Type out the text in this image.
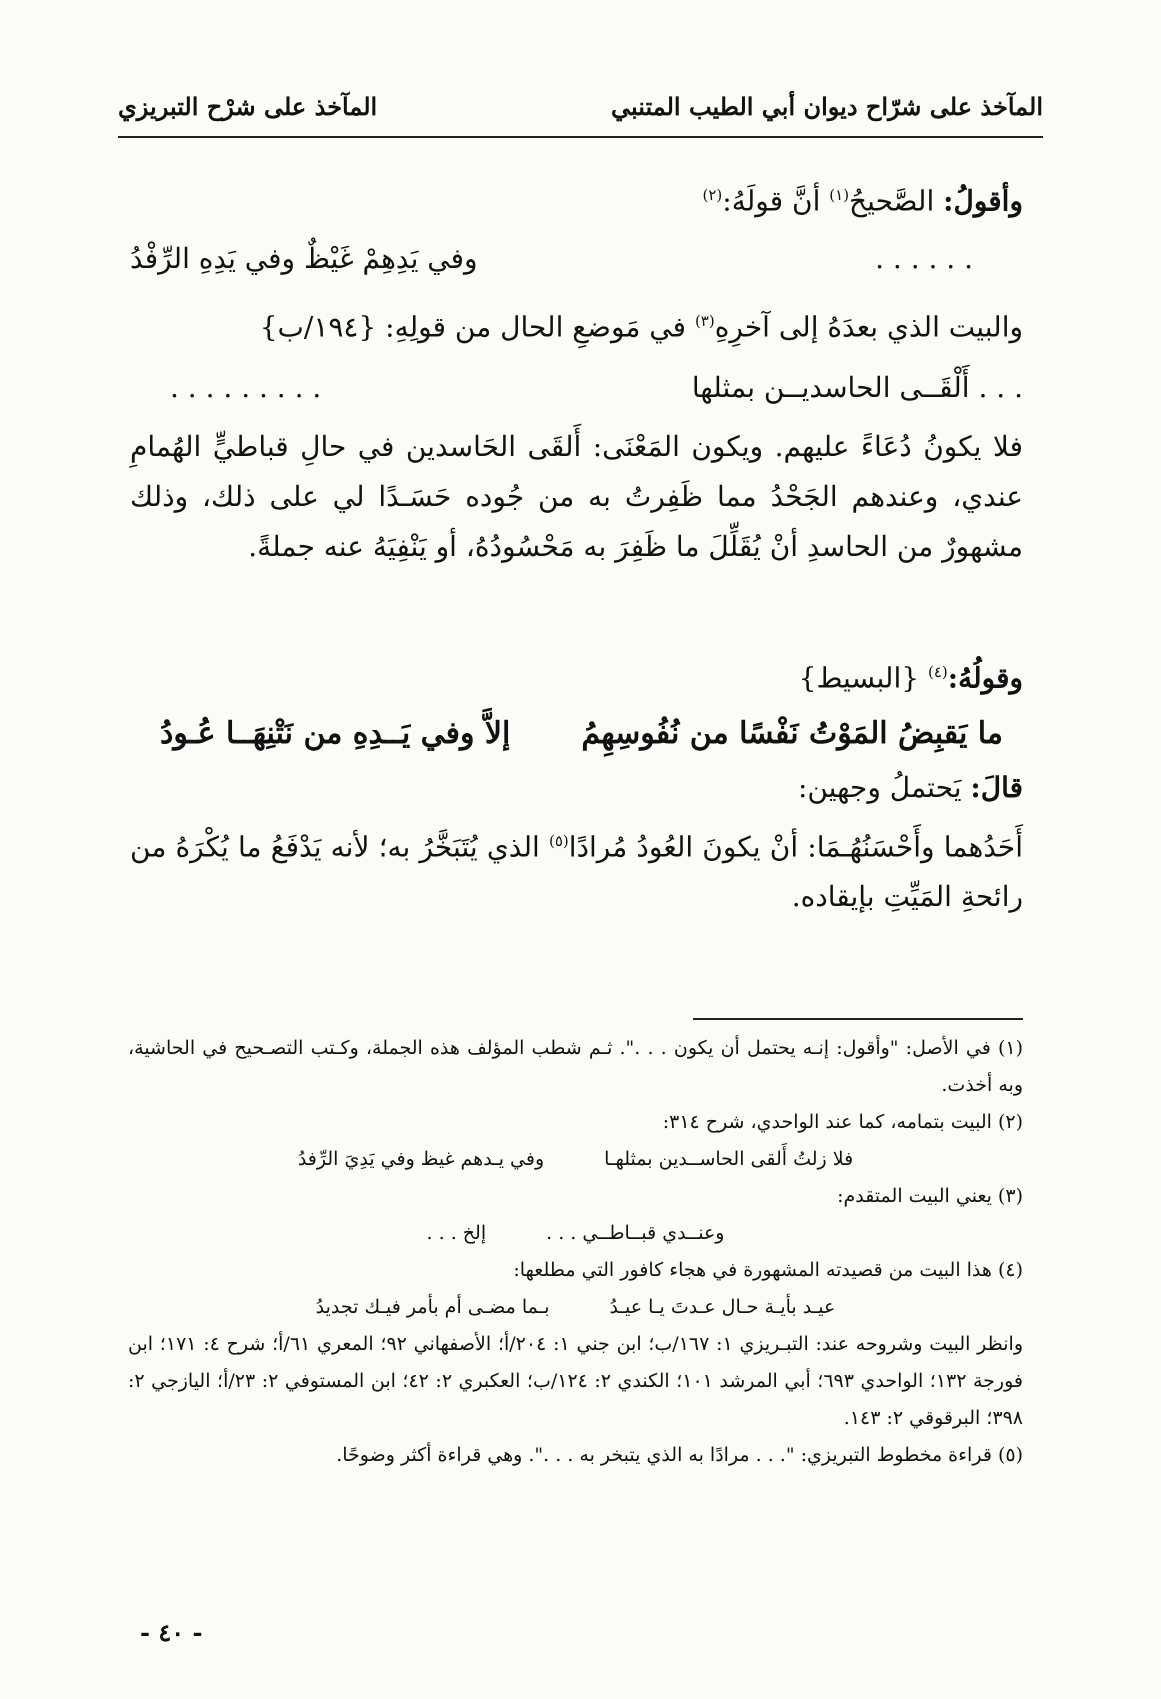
المآخذ على شرّاح ديوان أبي الطيب المتنبي
المآخذ على شرْح التبريزي

وأقولُ: الصَّحيحُ$^{(١)}$ أنَّ قولَهُ:$^{(٢)}$

. . . . . .
وفي يَدِهِمْ غَيْظٌ وفي يَدِهِ الرِّفْدُ

والبيت الذي بعدَهُ إلى آخرِهِ$^{(٣)}$ في مَوضعِ الحال من قولِهِ: {١٩٤/ب}

. . . أَلْقَــى الحاسديــن بمثلها
. . . . . . . . .

فلا يكونُ دُعَاءً عليهم. ويكون المَعْنَى: أَلقَى الحَاسدين في حالِ قباطيٍّ الهُمامِ عندي، وعندهم الجَحْدُ مما ظَفِرتُ به من جُوده حَسَـدًا لي على ذلك، وذلك مشهورٌ من الحاسدِ أنْ يُقَلِّلَ ما ظَفِرَ به مَحْسُودُهُ، أو يَنْفِيَهُ عنه جملةً.

وقولُهُ:$^{(٤)}$ {البسيط}

ما يَقبِضُ المَوْتُ نَفْسًا من نُفُوسِهِمُ
إلاَّ وفي يَــدِهِ من نَتْنِهَــا عُـودُ

قالَ: يَحتملُ وجهين:

أَحَدُهما وأَحْسَنُهُـمَا: أنْ يكونَ العُودُ مُرادًا$^{(٥)}$ الذي يُتَبَخَّرُ به؛ لأنه يَدْفَعُ ما يُكْرَهُ من رائحةِ المَيِّتِ بإيقاده.

(١) في الأصل: "وأقول: إنـه يحتمل أن يكون . . .". ثـم شطب المؤلف هذه الجملة، وكـتب التصـحيح في الحاشية، وبه أخذت.

(٢) البيت بتمامه، كما عند الواحدي، شرح ٣١٤:

فلا زلتُ أَلقى الحاســدين بمثلهـا
وفي يـدهم غيظ وفي يَدِيَ الرِّفدُ

(٣) يعني البيت المتقدم:

وعنــدي قبــاطــي . . .
إلخ . . .

(٤) هذا البيت من قصيدته المشهورة في هجاء كافور التي مطلعها:

عيـد بأيـة حـال عـدتَ يـا عيـدُ
بـما مضـى أم بأمر فيـك تجديدُ

وانظر البيت وشروحه عند: التبـريزي ١: ١٦٧/ب؛ ابن جني ١: ٢٠٤/أ؛ الأصفهاني ٩٢؛ المعري ٦١/أ؛ شرح ٤: ١٧١؛ ابن فورجة ١٣٢؛ الواحدي ٦٩٣؛ أبي المرشد ١٠١؛ الكندي ٢: ١٢٤/ب؛ العكبري ٢: ٤٢؛ ابن المستوفي ٢: ٢٣/أ؛ اليازجي ٢: ٣٩٨؛ البرقوقي ٢: ١٤٣.

(٥) قراءة مخطوط التبريزي: ". . . مرادًا به الذي يتبخر به . . .". وهي قراءة أكثر وضوحًا.

- ٤٠ -
